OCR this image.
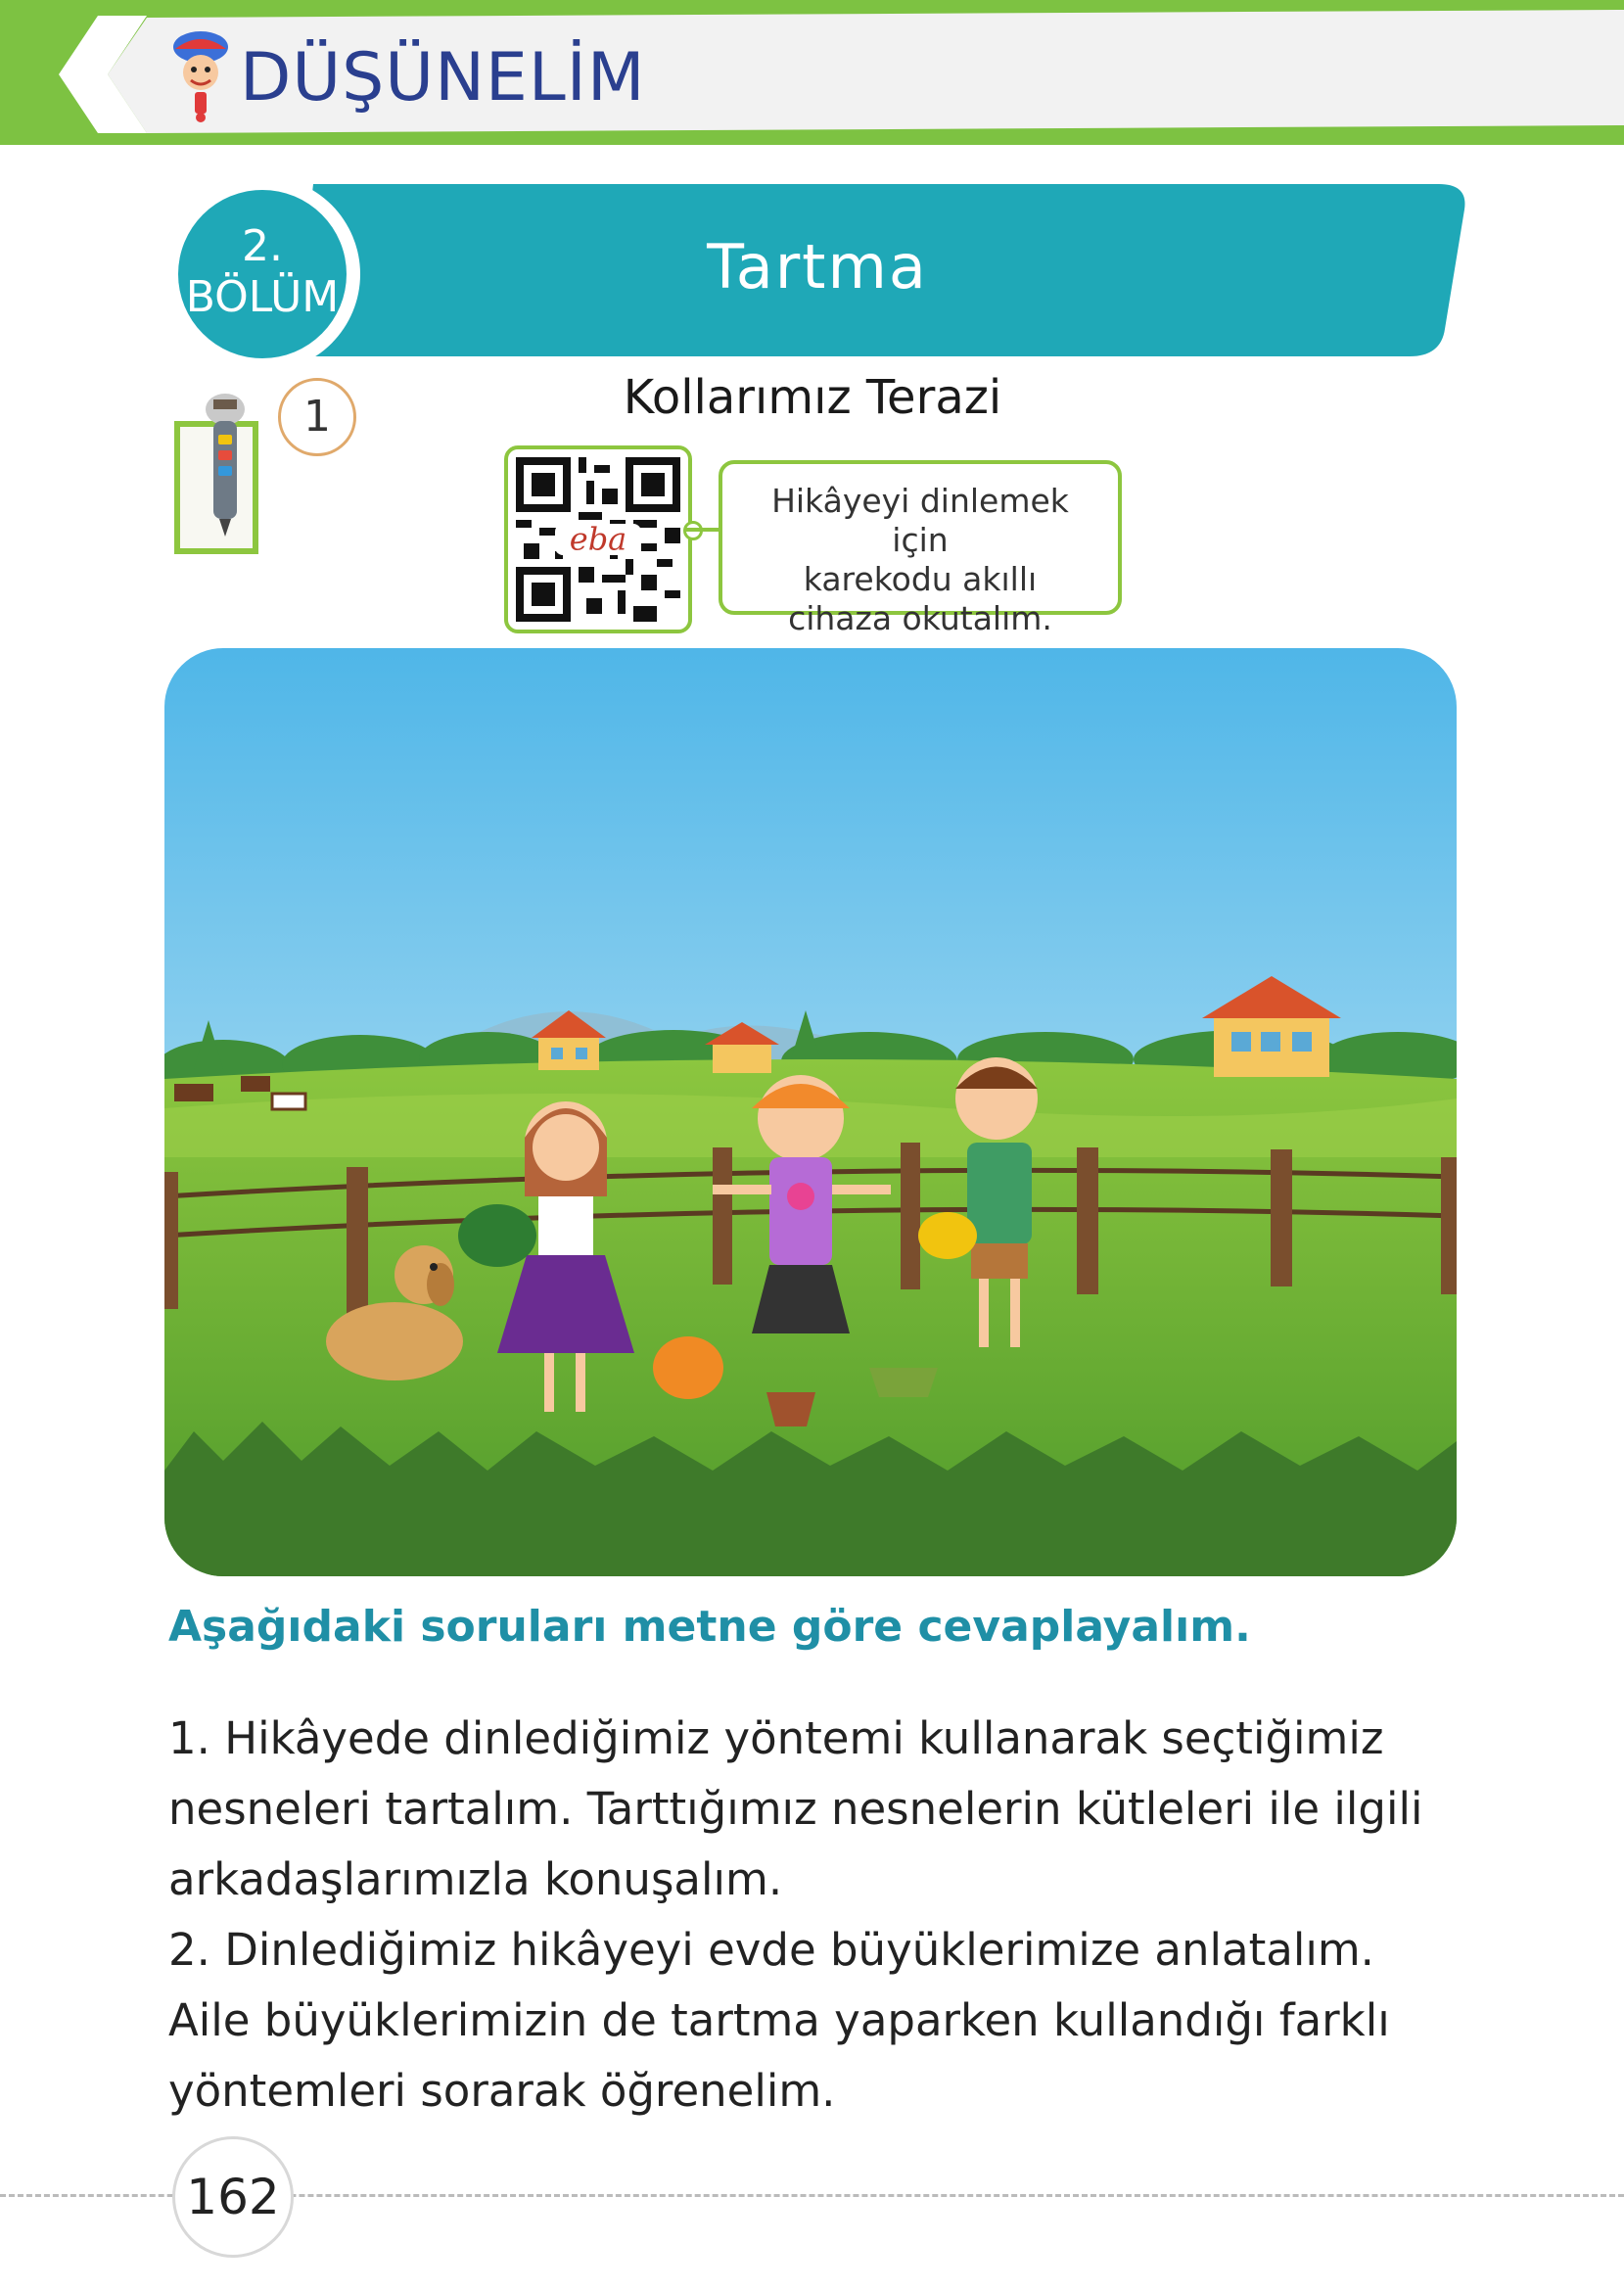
DÜŞÜNELİM
Tartma
2.
BÖLÜM
1	Kollarımız Terazi
eba
Hikâyeyi dinlemek için
karekodu akıllı
cihaza okutalım.
Aşağıdaki soruları metne göre cevaplayalım.
1. Hikâyede dinlediğimiz yöntemi kullanarak seçtiğimiz
nesneleri tartalım. Tarttığımız nesnelerin kütleleri ile ilgili
arkadaşlarımızla konuşalım.
2. Dinlediğimiz hikâyeyi evde büyüklerimize anlatalım.
Aile büyüklerimizin de tartma yaparken kullandığı farklı
yöntemleri sorarak öğrenelim.
162
